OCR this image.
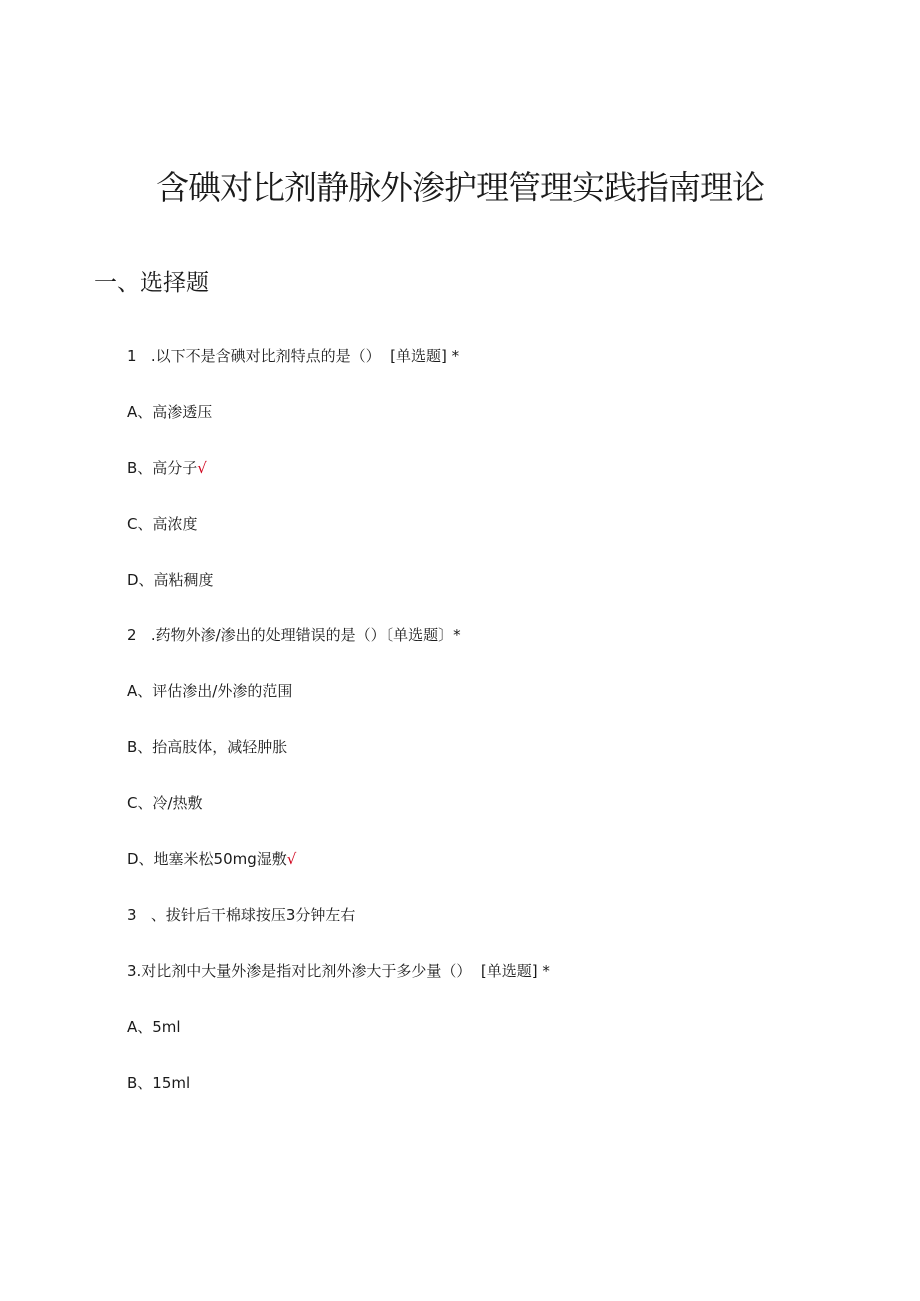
含碘对比剂静脉外渗护理管理实践指南理论
一、选择题
1   .以下不是含碘对比剂特点的是（）  [单选题] *
A、高渗透压
B、高分子√
C、高浓度
D、高粘稠度
2   .药物外渗/渗出的处理错误的是（）〔单选题〕*
A、评估渗出/外渗的范围
B、抬高肢体，减轻肿胀
C、冷/热敷
D、地塞米松50mg湿敷√
3   、拔针后干棉球按压3分钟左右
3.对比剂中大量外渗是指对比剂外渗大于多少量（）  [单选题] *
A、5ml
B、15ml
